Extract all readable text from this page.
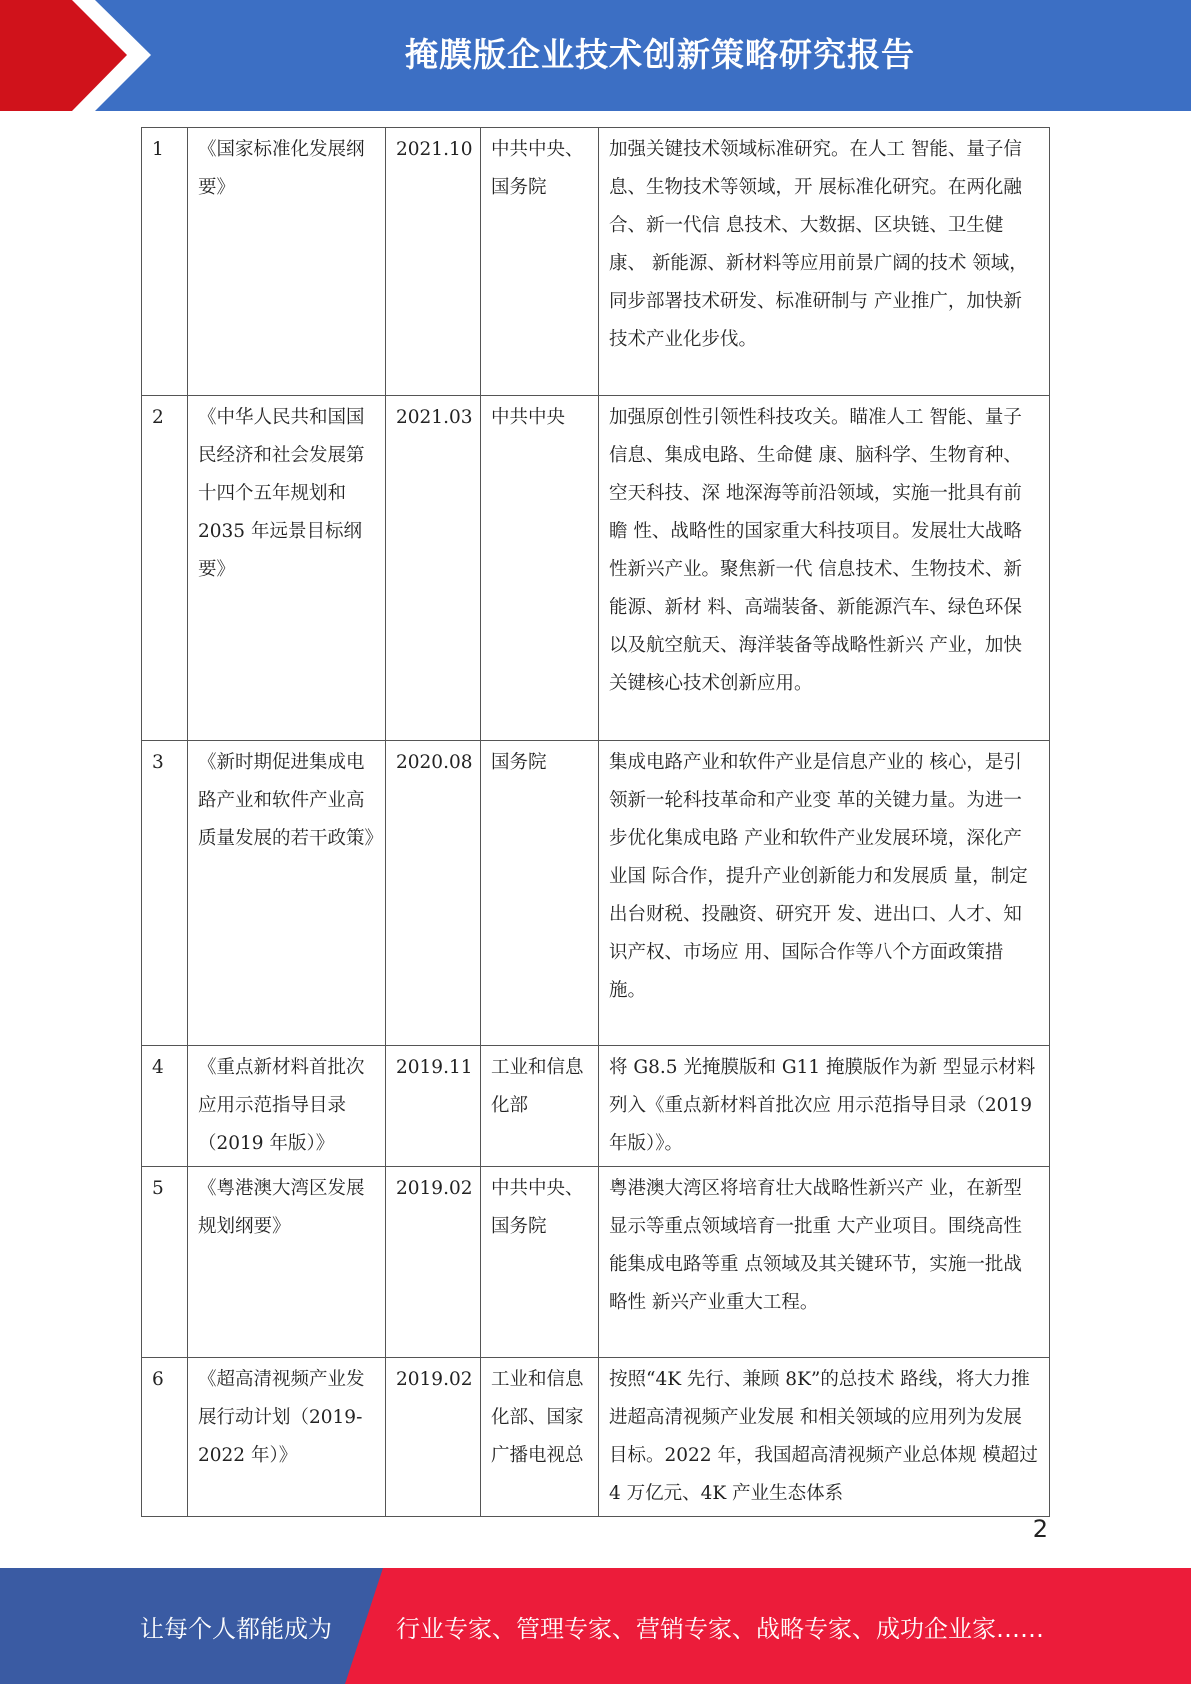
掩膜版企业技术创新策略研究报告
1	《国家标准化发展纲要》	2021.10	中共中央、国务院	加强关键技术领域标准研究。在人工 智能、量子信息、生物技术等领域，开 展标准化研究。在两化融合、新一代信 息技术、大数据、区块链、卫生健康、 新能源、新材料等应用前景广阔的技术 领域，同步部署技术研发、标准研制与 产业推广，加快新技术产业化步伐。
2	《中华人民共和国国民经济和社会发展第十四个五年规划和 2035 年远景目标纲要》	2021.03	中共中央	加强原创性引领性科技攻关。瞄准人工 智能、量子信息、集成电路、生命健 康、脑科学、生物育种、空天科技、深 地深海等前沿领域，实施一批具有前瞻 性、战略性的国家重大科技项目。发展壮大战略性新兴产业。聚焦新一代 信息技术、生物技术、新能源、新材 料、高端装备、新能源汽车、绿色环保 以及航空航天、海洋装备等战略性新兴 产业，加快关键核心技术创新应用。
3	《新时期促进集成电路产业和软件产业高质量发展的若干政策》	2020.08	国务院	集成电路产业和软件产业是信息产业的 核心，是引领新一轮科技革命和产业变 革的关键力量。为进一步优化集成电路 产业和软件产业发展环境，深化产业国 际合作，提升产业创新能力和发展质 量，制定出台财税、投融资、研究开 发、进出口、人才、知识产权、市场应 用、国际合作等八个方面政策措施。
4	《重点新材料首批次应用示范指导目录（2019 年版）》	2019.11	工业和信息化部	将 G8.5 光掩膜版和 G11 掩膜版作为新 型显示材料列入《重点新材料首批次应 用示范指导目录（2019 年版）》。
5	《粤港澳大湾区发展规划纲要》	2019.02	中共中央、国务院	粤港澳大湾区将培育壮大战略性新兴产 业，在新型显示等重点领域培育一批重 大产业项目。围绕高性能集成电路等重 点领域及其关键环节，实施一批战略性 新兴产业重大工程。
6	《超高清视频产业发展行动计划（2019-2022 年）》	2019.02	工业和信息化部、国家广播电视总	按照“4K 先行、兼顾 8K”的总技术 路线，将大力推进超高清视频产业发展 和相关领域的应用列为发展目标。2022 年，我国超高清视频产业总体规 模超过 4 万亿元、4K 产业生态体系
2
让每个人都能成为	行业专家、管理专家、营销专家、战略专家、成功企业家……
